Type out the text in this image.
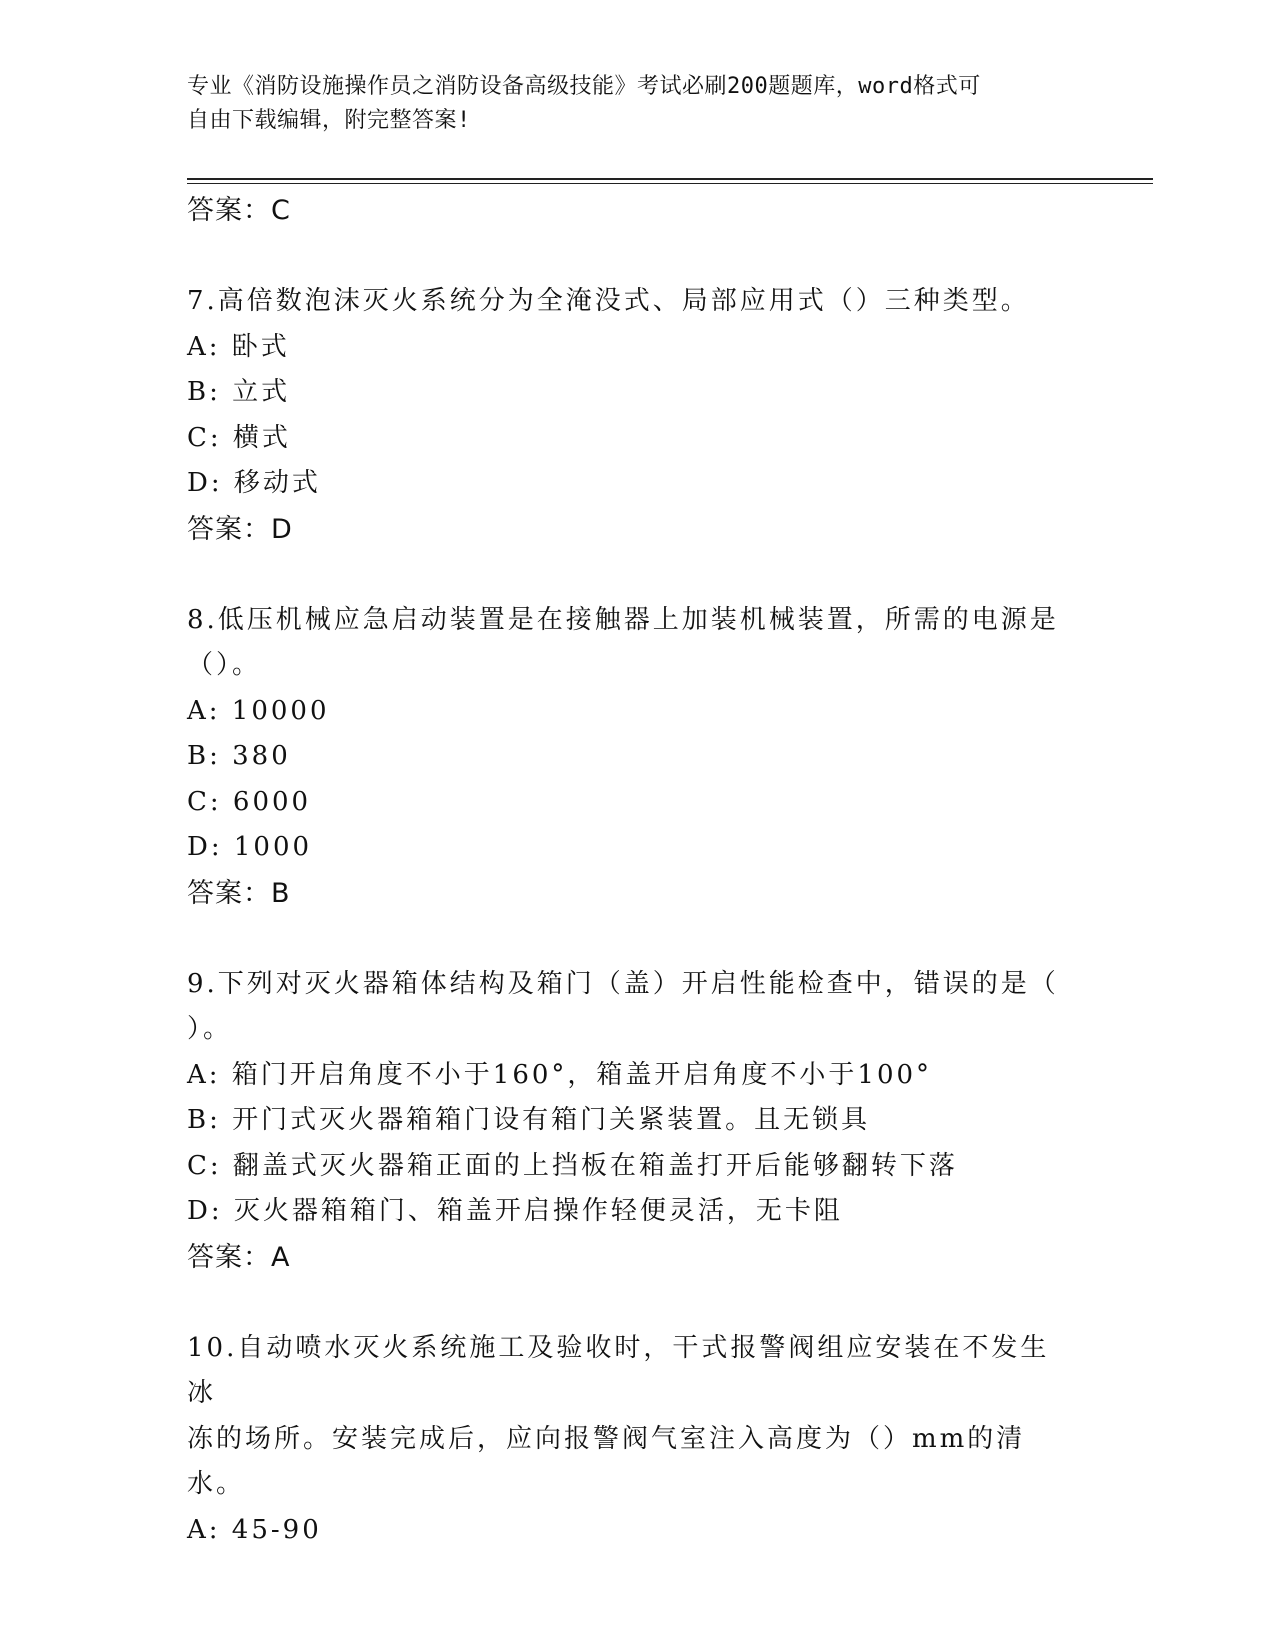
专业《消防设施操作员之消防设备高级技能》考试必刷200题题库，word格式可
自由下载编辑，附完整答案!
答案：C
7.高倍数泡沫灭火系统分为全淹没式、局部应用式（）三种类型。
A: 卧式
B: 立式
C: 横式
D: 移动式
答案：D
8.低压机械应急启动装置是在接触器上加装机械装置，所需的电源是
（）。
A: 10000
B: 380
C: 6000
D: 1000
答案：B
9.下列对灭火器箱体结构及箱门（盖）开启性能检查中，错误的是（
）。
A: 箱门开启角度不小于160°，箱盖开启角度不小于100°
B: 开门式灭火器箱箱门设有箱门关紧装置。且无锁具
C: 翻盖式灭火器箱正面的上挡板在箱盖打开后能够翻转下落
D: 灭火器箱箱门、箱盖开启操作轻便灵活，无卡阻
答案：A
10.自动喷水灭火系统施工及验收时，干式报警阀组应安装在不发生冰
冻的场所。安装完成后，应向报警阀气室注入高度为（）mm的清水。
A: 45-90
